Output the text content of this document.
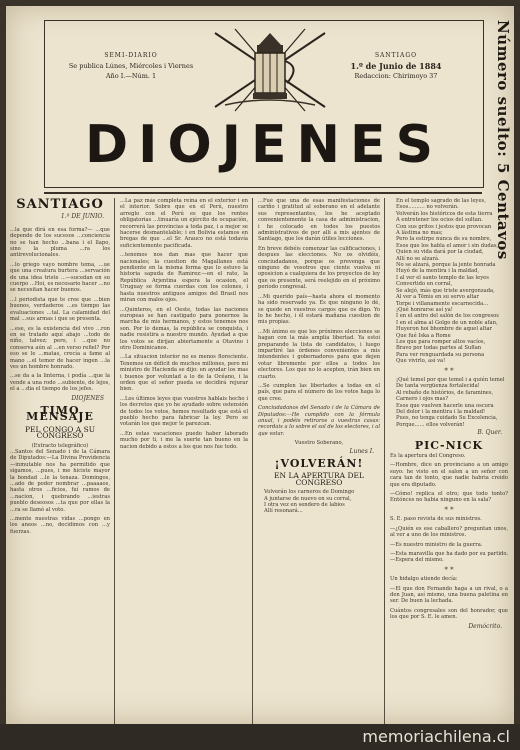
Número suelto: 5 Centavos
SEMI-DIARIO
Se publica Lúnes, Miércoles i Viernes
Año I.—Núm. 1
SANTIAGO
1.º de Junio de 1884
Redaccion: Chirimoyo 37
DIOJENES
SANTIAGO
1.º DE JUNIO.

...la que dirá en esa forma?— ...que depende de los sucesos ...conciencia no se han hecho ...bana i el llapo, sino la pluma ...ra los antirevolucionales.

...lo griego vayo nombre tema, ...ue que una creatura burtera ...servación de una idea triste ...—sucedan en su cuerpo ...Hoi, es necesario hacer ...no se necesitan hacer buenos.

...l periodista que te cree que ...bien buenos, verdaderos ...es tiempo las evaluaciones ...tal. La calamidad del mal ...sus armas i que se presenta.

...ese, es la existencia del vivo ...ron en se tratado aquí abajo ...todo de niño, talvez; pero, i ...que no conserva aún al ...en verso refiel? Por eso se le ...matas, crecía a fame al mano ...el temor de hacer ingen ...la ves un hombre honrado.

...se da a la linterna, i podía ...que la vende a una rodo ...subiente, de lejos, el a ...dia el tiempo de los jefes.

DIOJENES
TIMO MENSAJE
PEL CONGO A SU CONGRESO
(Extracto telegráfico)

...Santos del Senado i de la Cámara de Diputados:—La Divina Providencia—inmutable nos ha permitido que sigamos, ...pues, i me hiciste mayor la bondad ...le la tenaza. Domingos, ...ado de poder nombrar ...paaaaos, hasta otros ...ficios, fuí ramos de ...nacion, i quebrando ...iestras pueblo deseosos ...ta que por ellas la ...ra se llamó al voto.

...mente nuestras vidas ...pongo en los aneos ...no, decidimos con ...y fuerzas.

...La paz más completa reina en el exterior i en el interior. Sobre que en el Perú, nuestro arreglo con el Perú es que los rentes obligatorias ...tinuaría un ejército de ocupación, recorrerá las provincias a toda paz, i a mejor se hacerse desmantelable; i en Bolivia estamos en bregas de que ...el Sr. Arauco no está todavía suficientemente pacificada.

...tenemos nos dan mas que hacer que nacionales; la cuestion de Magallanes está pendiente en la misma forma que lo estuvo la historia sapuda de Ramirez:—en el rato, la República Arjentina espera la ocasion, el Uruguay se forma cuerdas con los colones, i hasta nuestros antiguos amigos del Brasil nos miran con malos ojos.

...Quinteros, en el Oeste, todas las naciones europeas se han castigado para ponernos la marcha de mis hermanos, y estos tenemos nos son. Por lo demas, la república se conquista, i nadie resistira a nuestro mundo. Ayudad a que los votos se dirijan abiertamente a Otavino i otro Dominicanos.

...La situacion interior no es menos floreciente. Tenemos un déficit de muchos millones, pero mi ministro de Hacienda se dijo: en ayudar los mas i buenos por voluntad a lo de la Océano, i la orden que el señor pueda se decidirá rejurar bien.

...Los últimos leyes que vuestros hablais hecho i los decretos que yo he ayudado sobre ostensión de todos los votos, hemos resultado que está el pueblo hecho para fabricar la ley. Pero se votarán los que mejor le parezcan.

...En estas vacaciones puedo haber laborado mucho por ti, i me la suerte tan bueno en la nacion debido a estos a los que nos fue todo.

...Fué que una de esas manifestaciones de cariño i gratitud al soberano en el adelante sus representantes, los he aceptado convenientemente la casa de administracion, i he colocado en todos los puestos administrativos de por allí a mis ajentes de Santiago, que los darán útiles lecciones.

En breve debéis comenzar las calificaciones, i despues las elecciones. No os olvidéis, conciudadanos, porque os prevenga que ninguno de vosotros que ciente vuelva ni oposicion a cualquiera de los proyectos de ley que os presente, será reelejido en el próximo período congresal.

...Mi querido país—hasta ahora el momento ha sido reservado ya. Es que ninguno lo dé, se quede en vuestros cargos que os digo. Yo lo he hecho, i él estará mañana cuestion de mis propias.

...Mi ánimo es que los próximos elecciones se hagan con la más amplia libertad. Ya estoi preparando la lista de candidatos, i luego impartiré las órdenes convenientes a mis intendentes i gobernadores para que dejen votar libremente por ellos a todos los electores. Los que no lo acepten, irán bien en cuarto.

...Se cumplen las libertades a todas en el país, que para el número de los votos haga lo que cree.

Conciudadanos del Senado i de la Cámara de Diputados:—He cumplido con la fórmula anual, i podéis retiraros a vuestras casas: recordais a lo sobre el sol de los electores, i al que votar.

Vuestro Soberano,
Lunes I.
¡VOLVERÁN!
EN LA APERTURA DEL CONGRESO
Volverán los carneros de Domingo
A juntarse de nuevo en su corral,
I otra vez en sendero de labios
Allí resonará...
En el templo sagrado de las leyes,
Esos.......... no volverán.
Volverán los históricos de esta tierra
A entretener los ocios del sultan.
Con sus gritos i jestos que provocan
A lástima no mas;
Pero la estirpe nunca de su nombre,
Esos que los habla el amor i sin dudas,
Quien su vida dará por la ciudad,
Allí no se alzará.
No se alzará, porque la jente honrada
Huyó de la mentira i la maldad,
I al ver el santo templo de las leyes
Convertido en corral,
Se alejó, más que triste avergonzada,
Al ver a Témis en su servo altar
Torpe i villanamente escarnecida...
¡Qué honrarse así ya!
I en el antro del salón de los congresos
I en el alma al Golgo de un noble afan,
Huyeron hoi bhombre de aquel altar
Que fué Iska a Rome
Los que para romper altos vacíos,
Bravo por todas partes al Suflan
Para ver renguardada su persona
Que vivirlo, así va!
* *
¡Qué temel por que temel i a quién temel
De tanta vergüenza fortalecida!
Al rebaño de histórios, de faramines,
Carnero i ojos mas?
Esos que vuelven hacerle una oscura
Del dolor i la mentira i la maldad!
Pues, no tenga cuidado Su Excelencia,
Porque...... ellos volverán!
B. Quer.
PIC-NICK

Es la apertura del Congreso.

—Hombre, dice un provinciano a un amigo suyo: he visto en el salon a un señor con cara tan de tonto, que nadie habria creido que era diputado.

—Cómo! replica el otro; que todo tonto? Entónces no habia ninguno en la sala?

* *

S. E. paso revista de sus ministros.

—¿Quién es ese caballero? preguntan unos, al ver a uno de los ministros.

—Es nuestro ministro de la guerra.

—Esta maravilla que ha dado por su partido.—Espera del mismo.

* *

Un hidalgo atiende decía:

—El que don Fernando haga a un rival, o a den Juan, así mismo, una buena paletina en ser. De buen la lechada.

Cuántos congresales son del honrador, que los que por S. E. le amen.

Demócrito.
memoriachilena.cl
